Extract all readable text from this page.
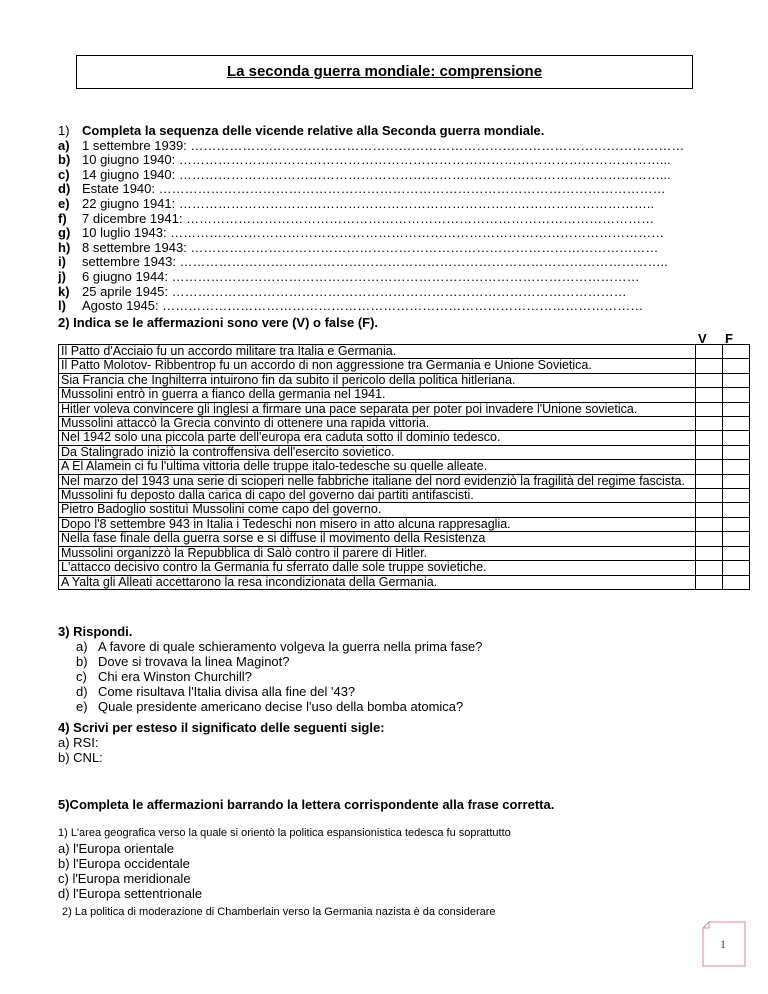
La seconda guerra mondiale: comprensione
1) Completa la sequenza delle vicende relative alla Seconda guerra mondiale.
a) 1 settembre 1939: ……………………………………………………………………………………………………
b) 10 giugno 1940: …………………………………………………………………………………………………...
c) 14 giugno 1940: …………………………………………………………………………………………………...
d) Estate 1940: ………………………………………………………………………………………………………
e) 22 giugno 1941: ………………………………………………………………………………………………..
f)	7 dicembre 1941: ………………………………………………………………………………………………
g) 10 luglio 1943: ……………………………………………………………………………………………………
h) 8 settembre 1943: ………………………………………………………………………………………………
i)	settembre 1943: …………………………………………………………………………………………………..
j)	6 giugno 1944: ………………………………………………………………………………………………
k) 25 aprile 1945: ……………………………………………………………………………………………
l)	Agosto 1945: …………………………………………………………………………………………………
2) Indica se le affermazioni sono vere (V) o false (F).
V F
Il Patto d'Acciaio fu un accordo militare tra Italia e Germania.		
Il Patto Molotov- Ribbentrop fu un accordo di non aggressione tra Germania e Unione Sovietica.		
Sia Francia che Inghilterra intuirono fin da subito il pericolo della politica hitleriana.		
Mussolini entrò in guerra a fianco della germania nel 1941.		
Hitler voleva convincere gli inglesi a firmare una pace separata per poter poi invadere l'Unione sovietica.		
Mussolini attaccò la Grecia convinto di ottenere una rapida vittoria.		
Nel 1942 solo una piccola parte dell'europa era caduta sotto il dominio tedesco.		
Da Stalingrado iniziò la controffensiva dell'esercito sovietico.		
A El Alamein ci fu l'ultima vittoria delle truppe italo-tedesche su quelle alleate.		
Nel marzo del 1943 una serie di scioperi nelle fabbriche italiane del nord evidenziò la fragilità del regime fascista.		
Mussolini fu deposto dalla carica di capo del governo dai partiti antifascisti.		
Pietro Badoglio sostituì Mussolini come capo del governo.		
Dopo l'8 settembre 943 in Italia i Tedeschi non misero in atto alcuna rappresaglia.		
Nella fase finale della guerra sorse e si diffuse il movimento della Resistenza		
Mussolini organizzò la Repubblica di Salò contro il parere di Hitler.		
L'attacco decisivo contro la Germania fu sferrato dalle sole truppe sovietiche.		
A Yalta gli Alleati accettarono la resa incondizionata della Germania.		
3) Rispondi.
a) A favore di quale schieramento volgeva la guerra nella prima fase?
b) Dove si trovava la linea Maginot?
c) Chi era Winston Churchill?
d) Come risultava l'Italia divisa alla fine del '43?
e) Quale presidente americano decise l'uso della bomba atomica?
4) Scrivi per esteso il significato delle seguenti sigle:
a) RSI:
b) CNL:
5)Completa le affermazioni barrando la lettera corrispondente alla frase corretta.
1) L'area geografica verso la quale si orientò la politica espansionistica tedesca fu soprattutto
a) l'Europa orientale
b) l'Europa occidentale
c) l'Europa meridionale
d) l'Europa settentrionale
2) La politica di moderazione di Chamberlain verso la Germania nazista è da considerare
1
